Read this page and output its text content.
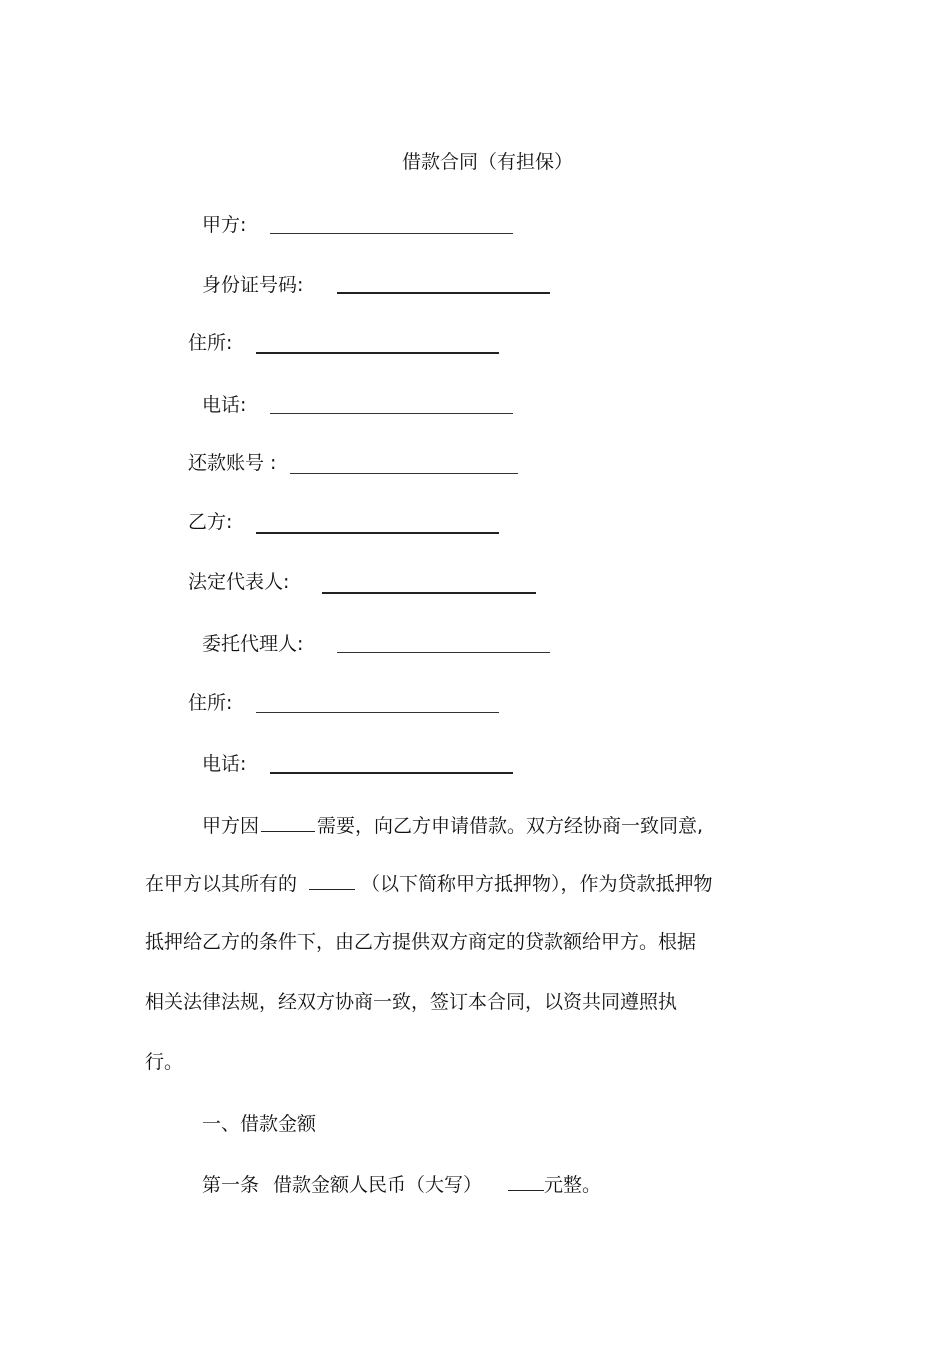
借款合同（有担保）
甲方:
身份证号码:
住所:
电话:
还款账号 :
乙方:
法定代表人:
委托代理人:
住所:
电话:
甲方因	需要，向乙方申请借款。双方经协商一致同意,
在甲方以其所有的	（以下简称甲方抵押物），作为贷款抵押物
抵押给乙方的条件下，由乙方提供双方商定的贷款额给甲方。根据
相关法律法规，经双方协商一致，签订本合同，以资共同遵照执
行。
一、借款金额
第一条 借款金额人民币（大写）	元整。
